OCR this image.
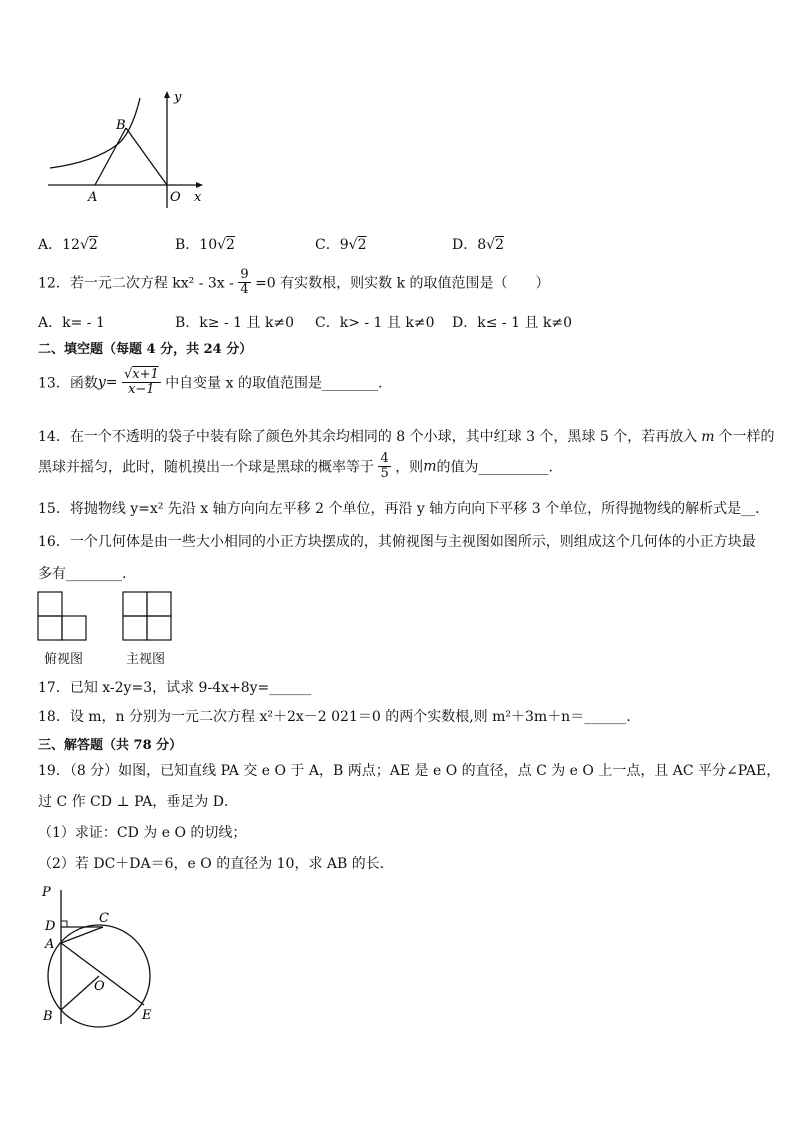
y
B
A	O x
A．12√2	B．10√2	C．9√2	D．8√2
12．若一元二次方程 $kx^2 - 3x - \frac{9}{4} =0$ 有实数根，则实数 k 的取值范围是（　　）
A．k= - 1	B．k≥ - 1 且 k≠0 C．k> - 1 且 k≠0 D．k≤ - 1 且 k≠0
二、填空题（每题 4 分，共 24 分）
13．函数$y= \frac{√x+1}{x-1}$ 中自变量 x 的取值范围是________.
14．在一个不透明的袋子中装有除了颜色外其余均相同的 8 个小球，其中红球 3 个，黑球 5 个，若再放入 m 个一样的
黑球并摇匀，此时，随机摸出一个球是黑球的概率等于 $\frac{4}{5}$ ，则m的值为__________.
15．将抛物线 y=x² 先沿 x 轴方向向左平移 2 个单位，再沿 y 轴方向向下平移 3 个单位，所得抛物线的解析式是__．
16．一个几何体是由一些大小相同的小正方块摆成的，其俯视图与主视图如图所示，则组成这个几何体的小正方块最
多有________.
俯视图	主视图
17．已知 x-2y=3，试求 9-4x+8y=______
18．设 m，n 分别为一元二次方程 x²＋2x－2 021＝0 的两个实数根,则 m²＋3m＋n＝______.
三、解答题（共 78 分）
19．（8 分）如图，已知直线 PA 交 e O 于 A，B 两点；AE 是 e O 的直径，点 C 为 e O 上一点，且 AC 平分∠PAE，
过 C 作 CD ⊥ PA，垂足为 D．
（1）求证：CD 为 e O 的切线；
（2）若 DC＋DA＝6，e O 的直径为 10，求 AB 的长．
P
D
C
A
O
B	E
